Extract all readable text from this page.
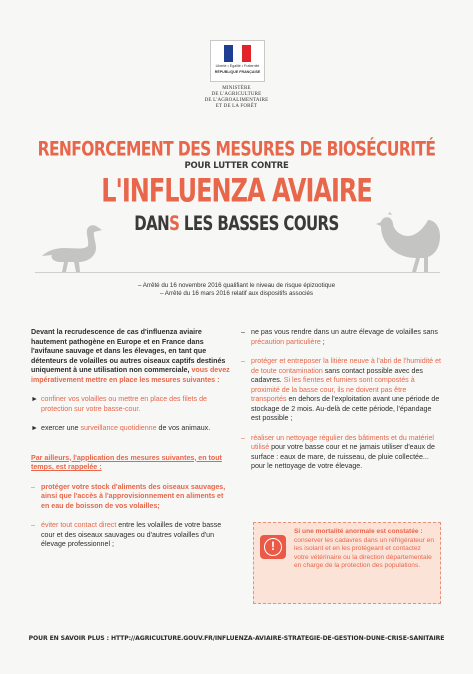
Liberté • Égalité • Fraternité
RÉPUBLIQUE FRANÇAISE
MINISTÈRE
DE L'AGRICULTURE
DE L'AGROALIMENTAIRE
ET DE LA FORÊT
RENFORCEMENT DES MESURES DE BIOSÉCURITÉ
POUR LUTTER CONTRE
L'INFLUENZA AVIAIRE
DANS LES BASSES COURS
– Arrêté du 16 novembre 2016 qualifiant le niveau de risque épizootique
– Arrêté du 16 mars 2016 relatif aux dispositifs associés

Devant la recrudescence de cas d'influenza aviaire hautement pathogène en Europe et en France dans l'avifaune sauvage et dans les élevages, en tant que détenteurs de volailles ou autres oiseaux captifs destinés uniquement à une utilisation non commerciale, vous devez impérativement mettre en place les mesures suivantes :

► confiner vos volailles ou mettre en place des filets de protection sur votre basse-cour.
► exercer une surveillance quotidienne de vos animaux.

Par ailleurs, l'application des mesures suivantes, en tout temps, est rappelée :

– protéger votre stock d'aliments des oiseaux sauvages, ainsi que l'accès à l'approvisionnement en aliments et en eau de boisson de vos volailles;
– éviter tout contact direct entre les volailles de votre basse cour et des oiseaux sauvages ou d'autres volailles d'un élevage professionnel ;
– ne pas vous rendre dans un autre élevage de volailles sans précaution particulière ;
– protéger et entreposer la litière neuve à l'abri de l'humidité et de toute contamination sans contact possible avec des cadavres. Si les fientes et fumiers sont compostés à proximité de la basse cour, ils ne doivent pas être transportés en dehors de l'exploitation avant une période de stockage de 2 mois. Au-delà de cette période, l'épandage est possible ;
– réaliser un nettoyage régulier des bâtiments et du matériel utilisé pour votre basse cour et ne jamais utiliser d'eaux de surface : eaux de mare, de ruisseau, de pluie collectée... pour le nettoyage de votre élevage.
!
Si une mortalité anormale est constatée : conserver les cadavres dans un réfrigérateur en les isolant et en les protégeant et contactez votre vétérinaire ou la direction départementale en charge de la protection des populations.
POUR EN SAVOIR PLUS : HTTP://AGRICULTURE.GOUV.FR/INFLUENZA-AVIAIRE-STRATEGIE-DE-GESTION-DUNE-CRISE-SANITAIRE
